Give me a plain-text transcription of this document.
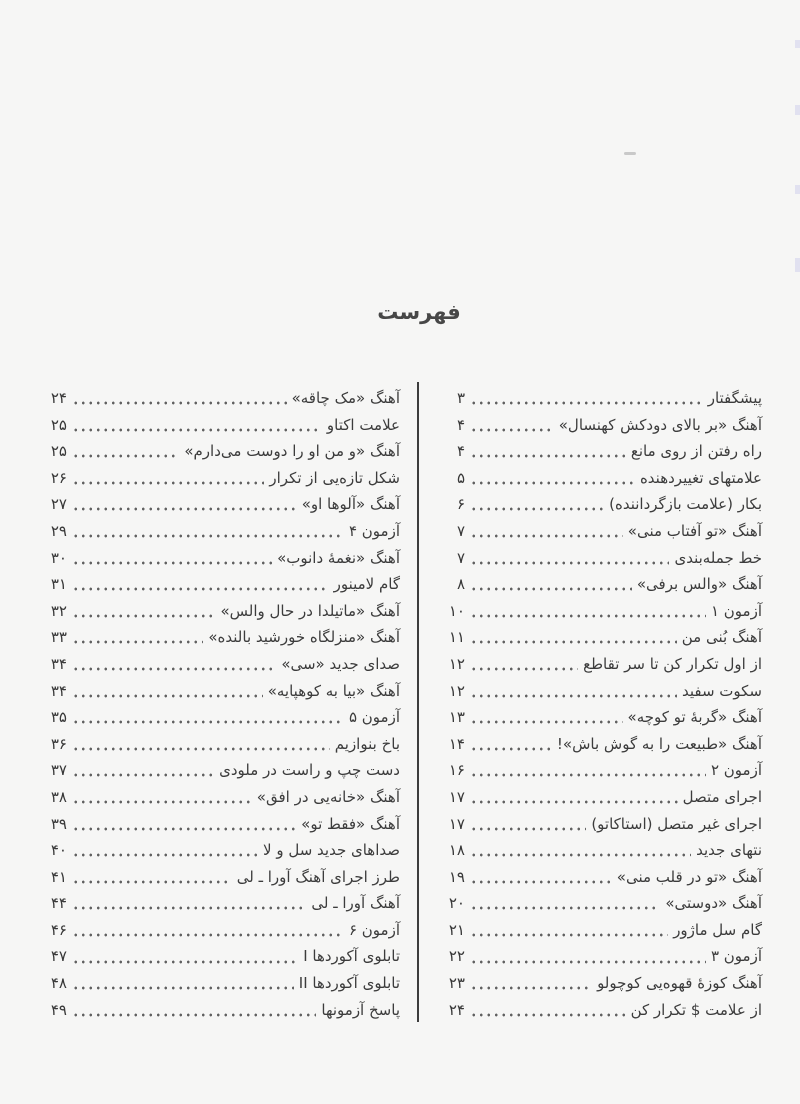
فهرست
آهنگ «مک چاقه»
۲۴
علامت اکتاو
۲۵
آهنگ «و من او را دوست می‌دارم»
۲۵
شکل تازه‌یی از تکرار
۲۶
آهنگ «آلوها او»
۲۷
آزمون ۴
۲۹
آهنگ «نغمهٔ دانوب»
۳۰
گام لامینور
۳۱
آهنگ «ماتیلدا در حال والس»
۳۲
آهنگ «منزلگاه خورشید بالنده»
۳۳
صدای جدید «سی»
۳۴
آهنگ «بیا به کوهپایه»
۳۴
آزمون ۵
۳۵
باخ بنوازیم
۳۶
دست چپ و راست در ملودی
۳۷
آهنگ «خانه‌یی در افق»
۳۸
آهنگ «فقط تو»
۳۹
صداهای جدید سل و لا
۴۰
طرز اجرای آهنگ آورا ـ لی
۴۱
آهنگ آورا ـ لی
۴۴
آزمون ۶
۴۶
تابلوی آکوردها I
۴۷
تابلوی آکوردها II
۴۸
پاسخ آزمونها
۴۹
پیشگفتار
۳
آهنگ «بر بالای دودکش کهنسال»
۴
راه رفتن از روی مانع
۴
علامتهای تغییردهنده
۵
بکار (علامت بازگرداننده)
۶
آهنگ «تو آفتاب منی»
۷
خط جمله‌بندی
۷
آهنگ «والس برفی»
۸
آزمون ۱
۱۰
آهنگ بُنی من
۱۱
از اول تکرار کن تا سر تقاطع
۱۲
سکوت سفید
۱۲
آهنگ «گربهٔ تو کوچه»
۱۳
آهنگ «طبیعت را به گوش باش»!
۱۴
آزمون ۲
۱۶
اجرای متصل
۱۷
اجرای غیر متصل (استاکاتو)
۱۷
نتهای جدید
۱۸
آهنگ «تو در قلب منی»
۱۹
آهنگ «دوستی»
۲۰
گام سل ماژور
۲۱
آزمون ۳
۲۲
آهنگ کوزهٔ قهوه‌یی کوچولو
۲۳
از علامت $ تکرار کن
۲۴
